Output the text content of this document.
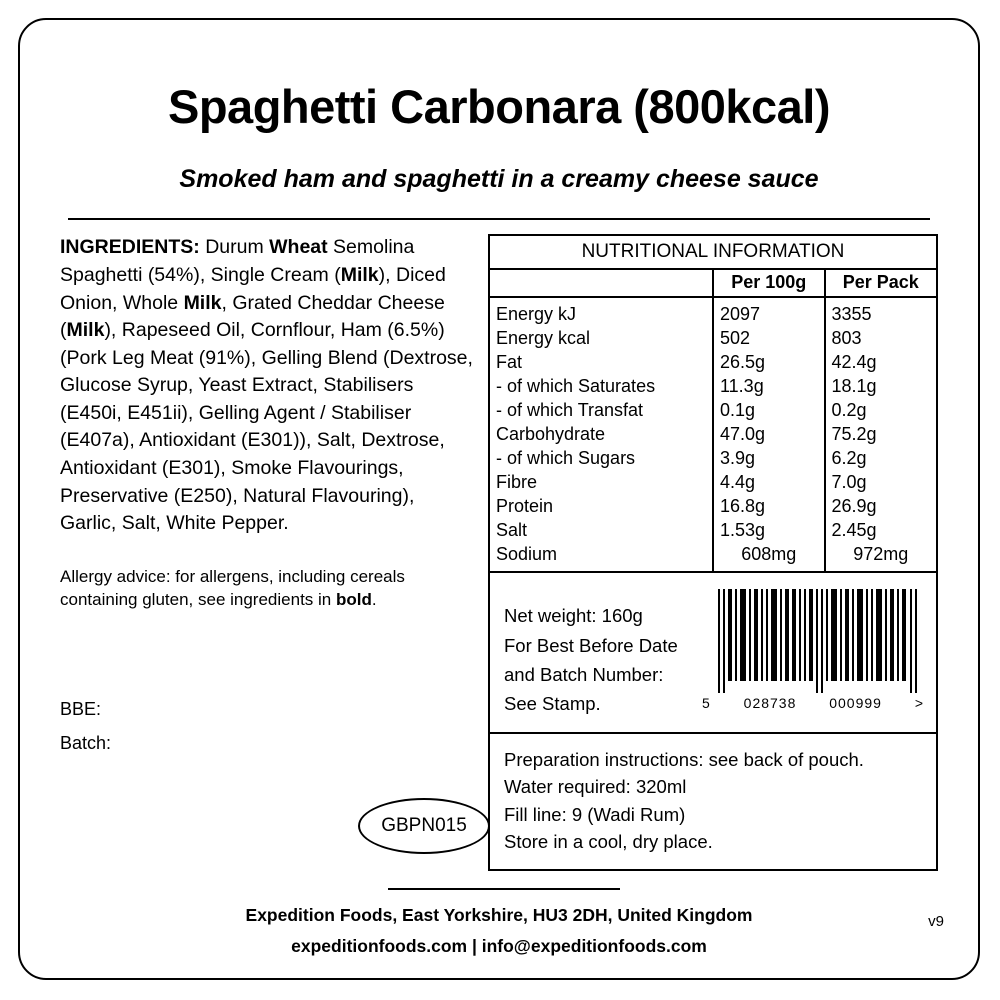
Spaghetti Carbonara (800kcal)
Smoked ham and spaghetti in a creamy cheese sauce
INGREDIENTS: Durum Wheat Semolina Spaghetti (54%), Single Cream (Milk), Diced Onion, Whole Milk, Grated Cheddar Cheese (Milk), Rapeseed Oil, Cornflour, Ham (6.5%) (Pork Leg Meat (91%), Gelling Blend (Dextrose, Glucose Syrup, Yeast Extract, Stabilisers (E450i, E451ii), Gelling Agent / Stabiliser (E407a), Antioxidant (E301)), Salt, Dextrose, Antioxidant (E301), Smoke Flavourings, Preservative (E250), Natural Flavouring), Garlic, Salt, White Pepper.
Allergy advice: for allergens, including cereals containing gluten, see ingredients in bold.
BBE:
Batch:
NUTRITIONAL INFORMATION
	Per 100g	Per Pack
Energy kJ	2097	3355
Energy kcal	502	803
Fat	26.5g	42.4g
- of which Saturates	11.3g	18.1g
- of which Transfat	0.1g	0.2g
Carbohydrate	47.0g	75.2g
- of which Sugars	3.9g	6.2g
Fibre	4.4g	7.0g
Protein	16.8g	26.9g
Salt	1.53g	2.45g
Sodium	608mg	972mg
Net weight: 160g
For Best Before Date
and Batch Number:
See Stamp.	5 028738 000999 >
Preparation instructions: see back of pouch.
Water required: 320ml
Fill line: 9 (Wadi Rum)
Store in a cool, dry place.
GBPN015
Expedition Foods, East Yorkshire, HU3 2DH, United Kingdom
expeditionfoods.com | info@expeditionfoods.com
v9
